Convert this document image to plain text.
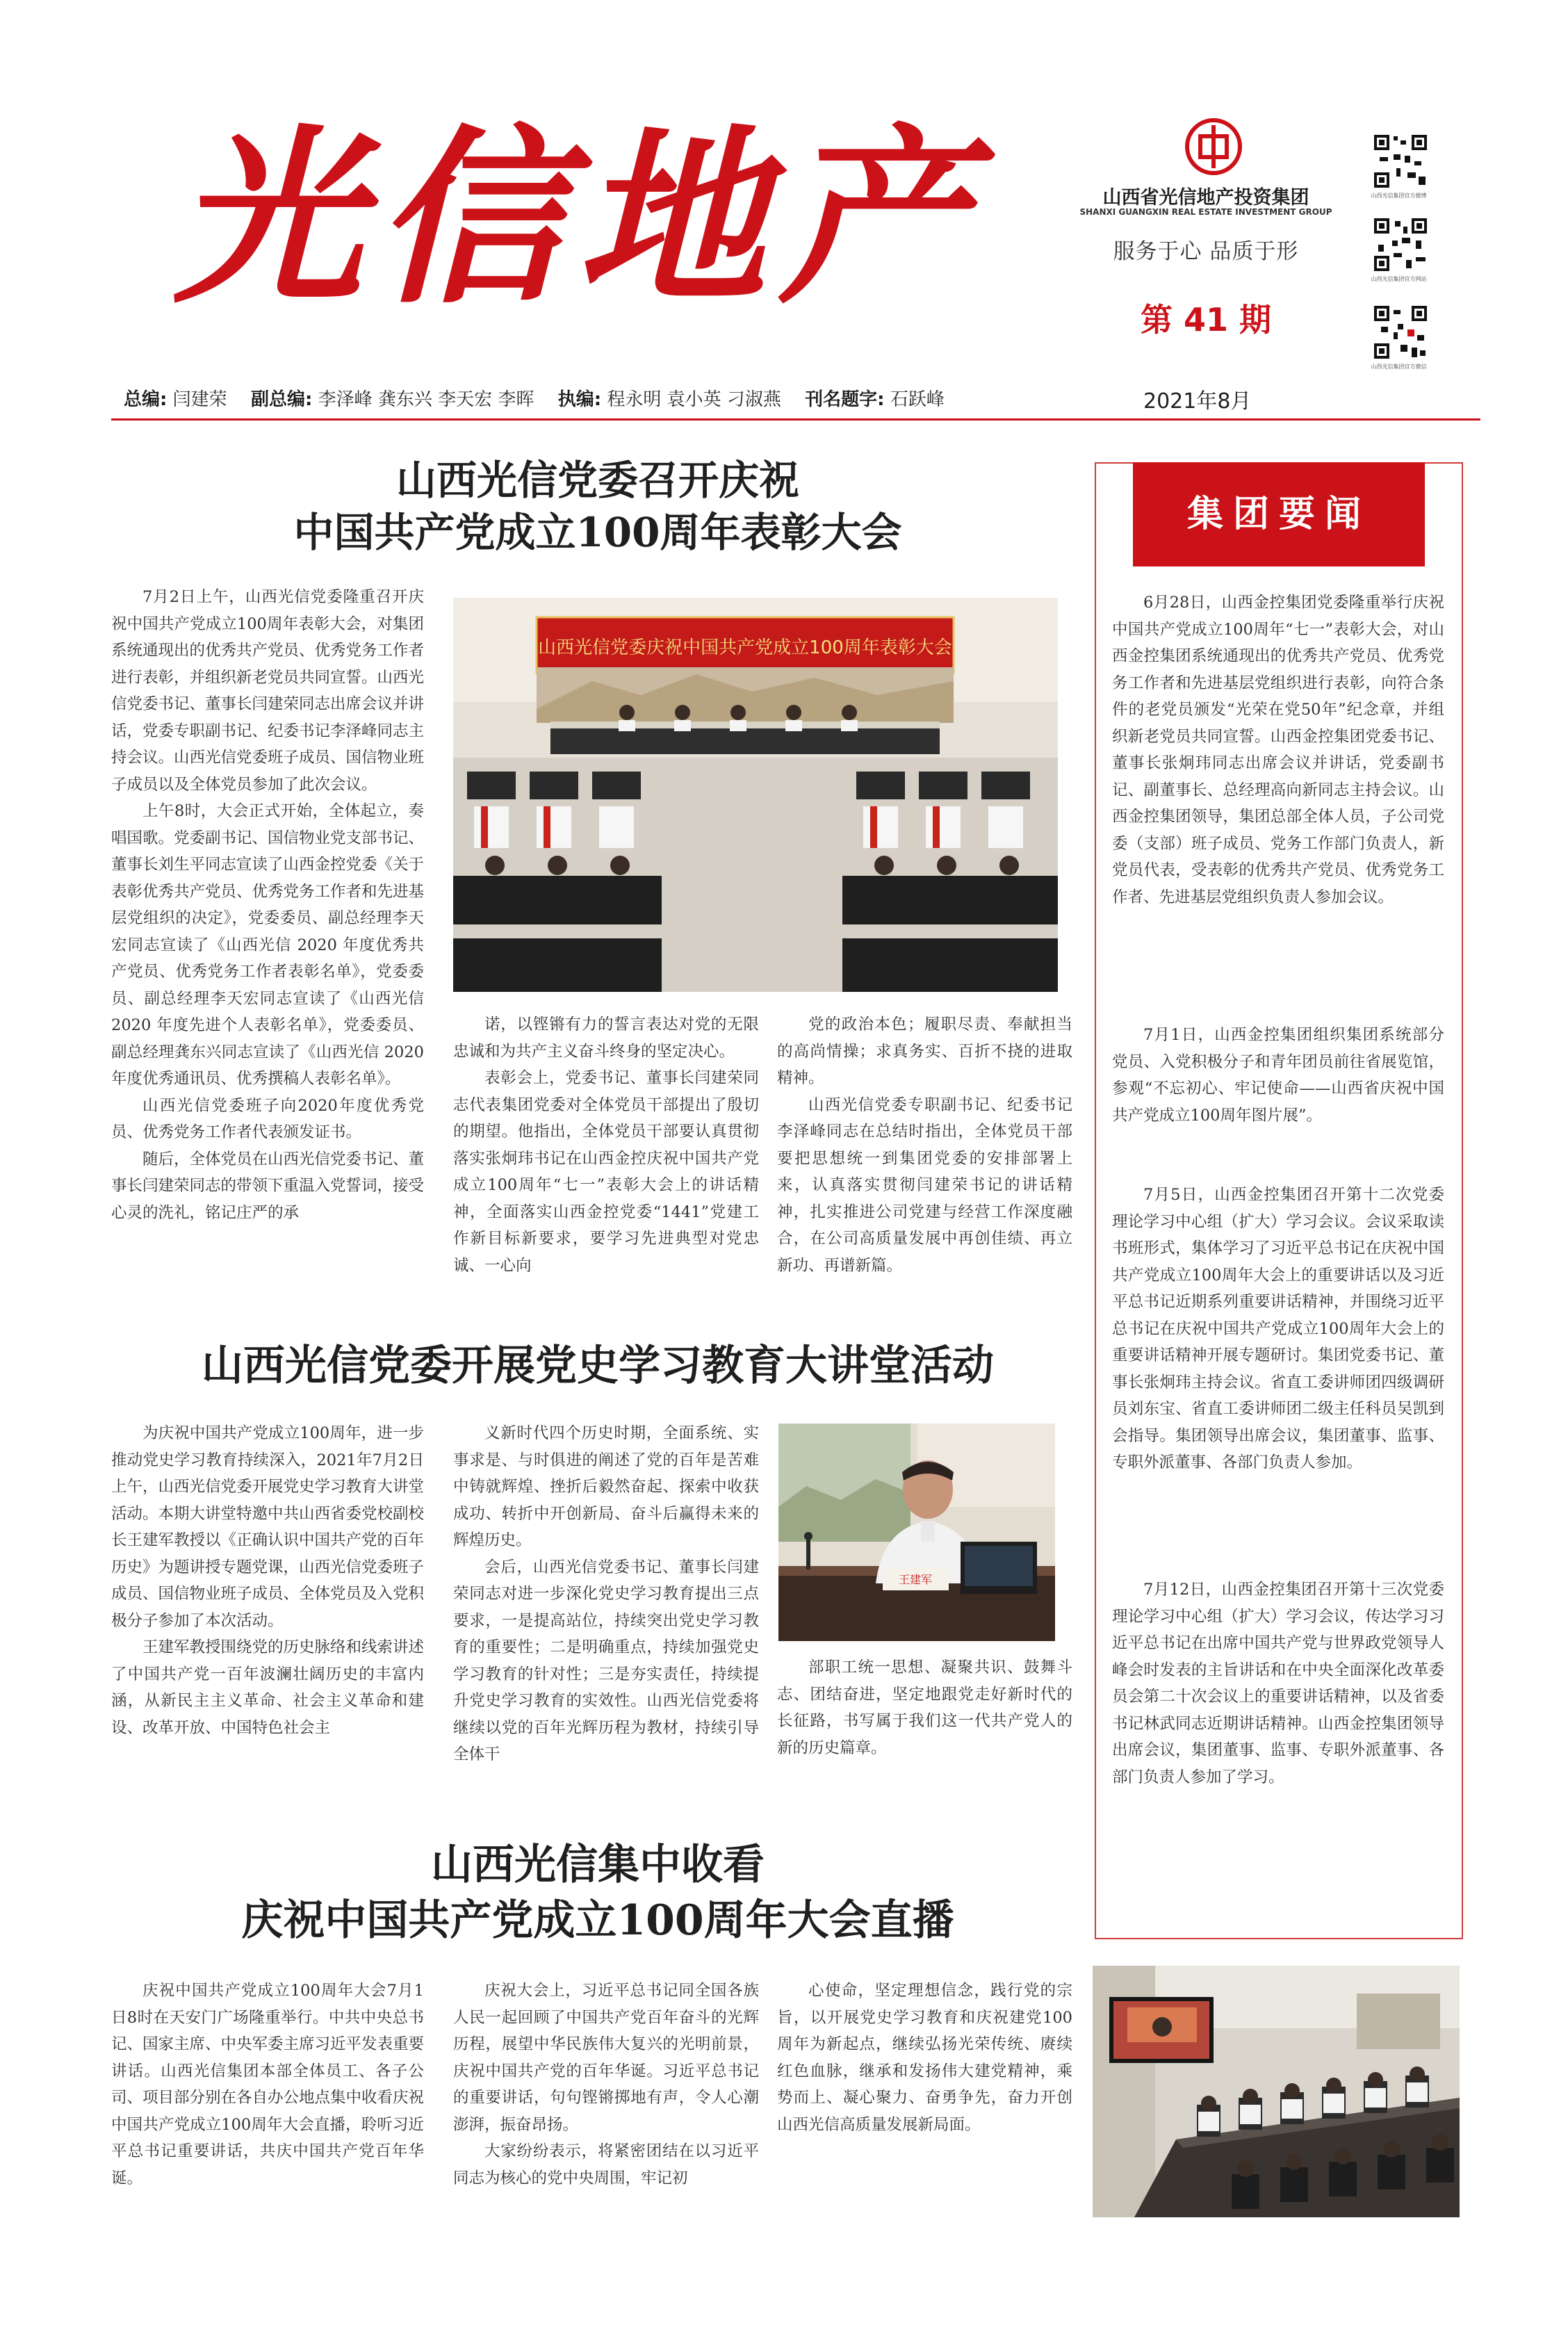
光信地产	山西省光信地产投资集团
SHANXI GUANGXIN REAL ESTATE INVESTMENT GROUP
服务于心 品质于形
第 41 期
山西光信集团官方微博
山西光信集团官方网站
山西光信集团官方微信
总编: 闫建荣 副总编: 李泽峰 龚东兴 李天宏 李晖 执编: 程永明 袁小英 刁淑燕 刊名题字: 石跃峰	2021年8月
山西光信党委召开庆祝
中国共产党成立100周年表彰大会

7月2日上午，山西光信党委隆重召开庆祝中国共产党成立100周年表彰大会，对集团系统通现出的优秀共产党员、优秀党务工作者进行表彰，并组织新老党员共同宣誓。山西光信党委书记、董事长闫建荣同志出席会议并讲话，党委专职副书记、纪委书记李泽峰同志主持会议。山西光信党委班子成员、国信物业班子成员以及全体党员参加了此次会议。

上午8时，大会正式开始，全体起立，奏唱国歌。党委副书记、国信物业党支部书记、董事长刘生平同志宣读了山西金控党委《关于表彰优秀共产党员、优秀党务工作者和先进基层党组织的决定》，党委委员、副总经理李天宏同志宣读了《山西光信 2020 年度优秀共产党员、优秀党务工作者表彰名单》，党委委员、副总经理李天宏同志宣读了《山西光信 2020 年度先进个人表彰名单》，党委委员、副总经理龚东兴同志宣读了《山西光信 2020 年度优秀通讯员、优秀撰稿人表彰名单》。

山西光信党委班子向2020年度优秀党员、优秀党务工作者代表颁发证书。

随后，全体党员在山西光信党委书记、董事长闫建荣同志的带领下重温入党誓词，接受心灵的洗礼，铭记庄严的承

山西光信党委庆祝中国共产党成立100周年表彰大会

诺，以铿锵有力的誓言表达对党的无限忠诚和为共产主义奋斗终身的坚定决心。

表彰会上，党委书记、董事长闫建荣同志代表集团党委对全体党员干部提出了殷切的期望。他指出，全体党员干部要认真贯彻落实张炯玮书记在山西金控庆祝中国共产党成立100周年“七一”表彰大会上的讲话精神，全面落实山西金控党委“1441”党建工作新目标新要求，要学习先进典型对党忠诚、一心向

党的政治本色；履职尽责、奉献担当的高尚情操；求真务实、百折不挠的进取精神。

山西光信党委专职副书记、纪委书记李泽峰同志在总结时指出，全体党员干部要把思想统一到集团党委的安排部署上来，认真落实贯彻闫建荣书记的讲话精神，扎实推进公司党建与经营工作深度融合，在公司高质量发展中再创佳绩、再立新功、再谱新篇。

山西光信党委开展党史学习教育大讲堂活动

为庆祝中国共产党成立100周年，进一步推动党史学习教育持续深入，2021年7月2日上午，山西光信党委开展党史学习教育大讲堂活动。本期大讲堂特邀中共山西省委党校副校长王建军教授以《正确认识中国共产党的百年历史》为题讲授专题党课，山西光信党委班子成员、国信物业班子成员、全体党员及入党积极分子参加了本次活动。

王建军教授围绕党的历史脉络和线索讲述了中国共产党一百年波澜壮阔历史的丰富内涵，从新民主主义革命、社会主义革命和建设、改革开放、中国特色社会主

义新时代四个历史时期，全面系统、实事求是、与时俱进的阐述了党的百年是苦难中铸就辉煌、挫折后毅然奋起、探索中收获成功、转折中开创新局、奋斗后赢得未来的辉煌历史。

会后，山西光信党委书记、董事长闫建荣同志对进一步深化党史学习教育提出三点要求，一是提高站位，持续突出党史学习教育的重要性；二是明确重点，持续加强党史学习教育的针对性；三是夯实责任，持续提升党史学习教育的实效性。山西光信党委将继续以党的百年光辉历程为教材，持续引导全体干

王建军

部职工统一思想、凝聚共识、鼓舞斗志、团结奋进，坚定地跟党走好新时代的长征路，书写属于我们这一代共产党人的新的历史篇章。

山西光信集中收看
庆祝中国共产党成立100周年大会直播

庆祝中国共产党成立100周年大会7月1日8时在天安门广场隆重举行。中共中央总书记、国家主席、中央军委主席习近平发表重要讲话。山西光信集团本部全体员工、各子公司、项目部分别在各自办公地点集中收看庆祝中国共产党成立100周年大会直播，聆听习近平总书记重要讲话，共庆中国共产党百年华诞。

庆祝大会上，习近平总书记同全国各族人民一起回顾了中国共产党百年奋斗的光辉历程，展望中华民族伟大复兴的光明前景，庆祝中国共产党的百年华诞。习近平总书记的重要讲话，句句铿锵掷地有声，令人心潮澎湃，振奋昂扬。

大家纷纷表示，将紧密团结在以习近平同志为核心的党中央周围，牢记初

心使命，坚定理想信念，践行党的宗旨，以开展党史学习教育和庆祝建党100周年为新起点，继续弘扬光荣传统、赓续红色血脉，继承和发扬伟大建党精神，乘势而上、凝心聚力、奋勇争先，奋力开创山西光信高质量发展新局面。

集团要闻

6月28日，山西金控集团党委隆重举行庆祝中国共产党成立100周年“七一”表彰大会，对山西金控集团系统通现出的优秀共产党员、优秀党务工作者和先进基层党组织进行表彰，向符合条件的老党员颁发“光荣在党50年”纪念章，并组织新老党员共同宣誓。山西金控集团党委书记、董事长张炯玮同志出席会议并讲话，党委副书记、副董事长、总经理高向新同志主持会议。山西金控集团领导，集团总部全体人员，子公司党委（支部）班子成员、党务工作部门负责人，新党员代表，受表彰的优秀共产党员、优秀党务工作者、先进基层党组织负责人参加会议。

7月1日，山西金控集团组织集团系统部分党员、入党积极分子和青年团员前往省展览馆，参观“不忘初心、牢记使命——山西省庆祝中国共产党成立100周年图片展”。

7月5日，山西金控集团召开第十二次党委理论学习中心组（扩大）学习会议。会议采取读书班形式，集体学习了习近平总书记在庆祝中国共产党成立100周年大会上的重要讲话以及习近平总书记近期系列重要讲话精神，并围绕习近平总书记在庆祝中国共产党成立100周年大会上的重要讲话精神开展专题研讨。集团党委书记、董事长张炯玮主持会议。省直工委讲师团四级调研员刘东宝、省直工委讲师团二级主任科员吴凯到会指导。集团领导出席会议，集团董事、监事、专职外派董事、各部门负责人参加。

7月12日，山西金控集团召开第十三次党委理论学习中心组（扩大）学习会议，传达学习习近平总书记在出席中国共产党与世界政党领导人峰会时发表的主旨讲话和在中央全面深化改革委员会第二十次会议上的重要讲话精神，以及省委书记林武同志近期讲话精神。山西金控集团领导出席会议，集团董事、监事、专职外派董事、各部门负责人参加了学习。
